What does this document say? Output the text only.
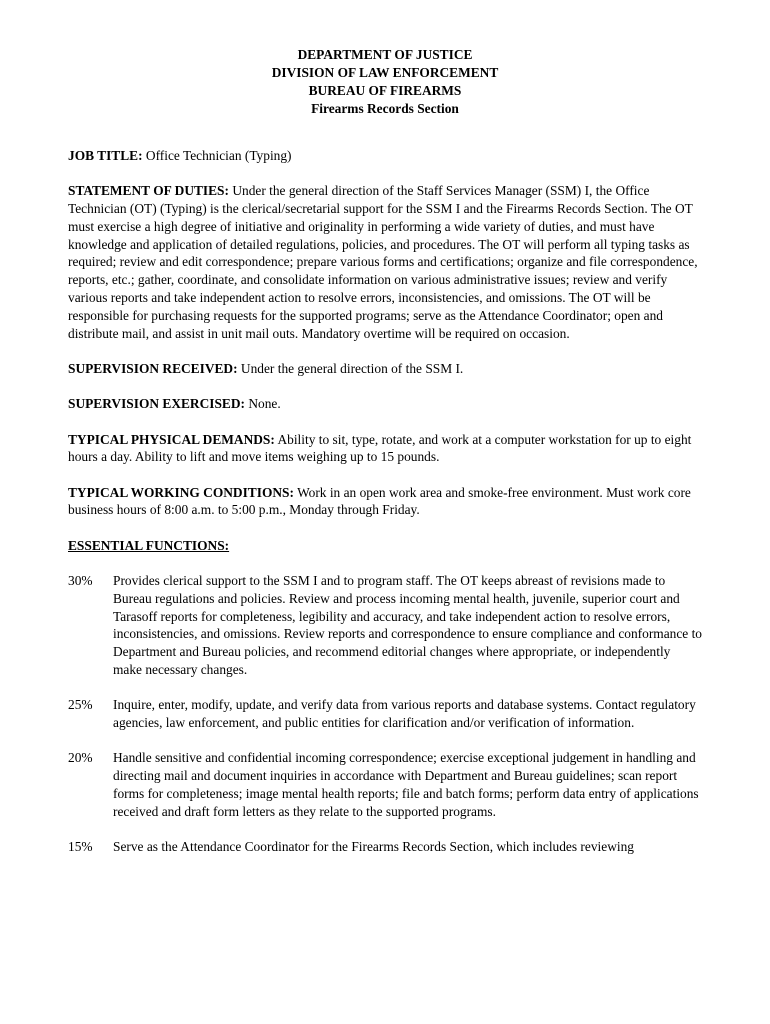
DEPARTMENT OF JUSTICE
DIVISION OF LAW ENFORCEMENT
BUREAU OF FIREARMS
Firearms Records Section

JOB TITLE: Office Technician (Typing)

STATEMENT OF DUTIES: Under the general direction of the Staff Services Manager (SSM) I, the Office Technician (OT) (Typing) is the clerical/secretarial support for the SSM I and the Firearms Records Section. The OT must exercise a high degree of initiative and originality in performing a wide variety of duties, and must have knowledge and application of detailed regulations, policies, and procedures. The OT will perform all typing tasks as required; review and edit correspondence; prepare various forms and certifications; organize and file correspondence, reports, etc.; gather, coordinate, and consolidate information on various administrative issues; review and verify various reports and take independent action to resolve errors, inconsistencies, and omissions. The OT will be responsible for purchasing requests for the supported programs; serve as the Attendance Coordinator; open and distribute mail, and assist in unit mail outs. Mandatory overtime will be required on occasion.

SUPERVISION RECEIVED: Under the general direction of the SSM I.

SUPERVISION EXERCISED: None.

TYPICAL PHYSICAL DEMANDS: Ability to sit, type, rotate, and work at a computer workstation for up to eight hours a day. Ability to lift and move items weighing up to 15 pounds.

TYPICAL WORKING CONDITIONS: Work in an open work area and smoke-free environment. Must work core business hours of 8:00 a.m. to 5:00 p.m., Monday through Friday.

ESSENTIAL FUNCTIONS:
30%	Provides clerical support to the SSM I and to program staff. The OT keeps abreast of revisions made to Bureau regulations and policies. Review and process incoming mental health, juvenile, superior court and Tarasoff reports for completeness, legibility and accuracy, and take independent action to resolve errors, inconsistencies, and omissions. Review reports and correspondence to ensure compliance and conformance to Department and Bureau policies, and recommend editorial changes where appropriate, or independently make necessary changes.
25%	Inquire, enter, modify, update, and verify data from various reports and database systems. Contact regulatory agencies, law enforcement, and public entities for clarification and/or verification of information.
20%	Handle sensitive and confidential incoming correspondence; exercise exceptional judgement in handling and directing mail and document inquiries in accordance with Department and Bureau guidelines; scan report forms for completeness; image mental health reports; file and batch forms; perform data entry of applications received and draft form letters as they relate to the supported programs.
15%	Serve as the Attendance Coordinator for the Firearms Records Section, which includes reviewing
